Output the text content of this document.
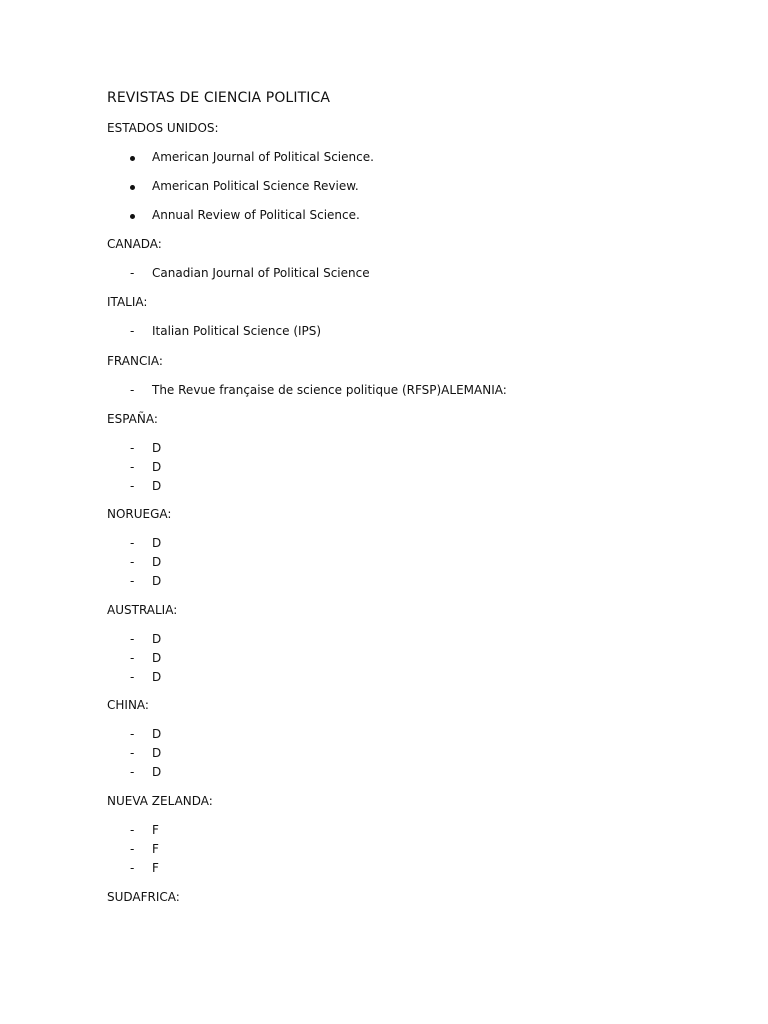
REVISTAS DE CIENCIA POLITICA
ESTADOS UNIDOS:
American Journal of Political Science.
American Political Science Review.
Annual Review of Political Science.
CANADA:
-	Canadian Journal of Political Science
ITALIA:
-	Italian Political Science (IPS)
FRANCIA:
-	The Revue française de science politique (RFSP)ALEMANIA:
ESPAÑA:
-	D
-	D
-	D
NORUEGA:
-	D
-	D
-	D
AUSTRALIA:
-	D
-	D
-	D
CHINA:
-	D
-	D
-	D
NUEVA ZELANDA:
-	F
-	F
-	F
SUDAFRICA:
